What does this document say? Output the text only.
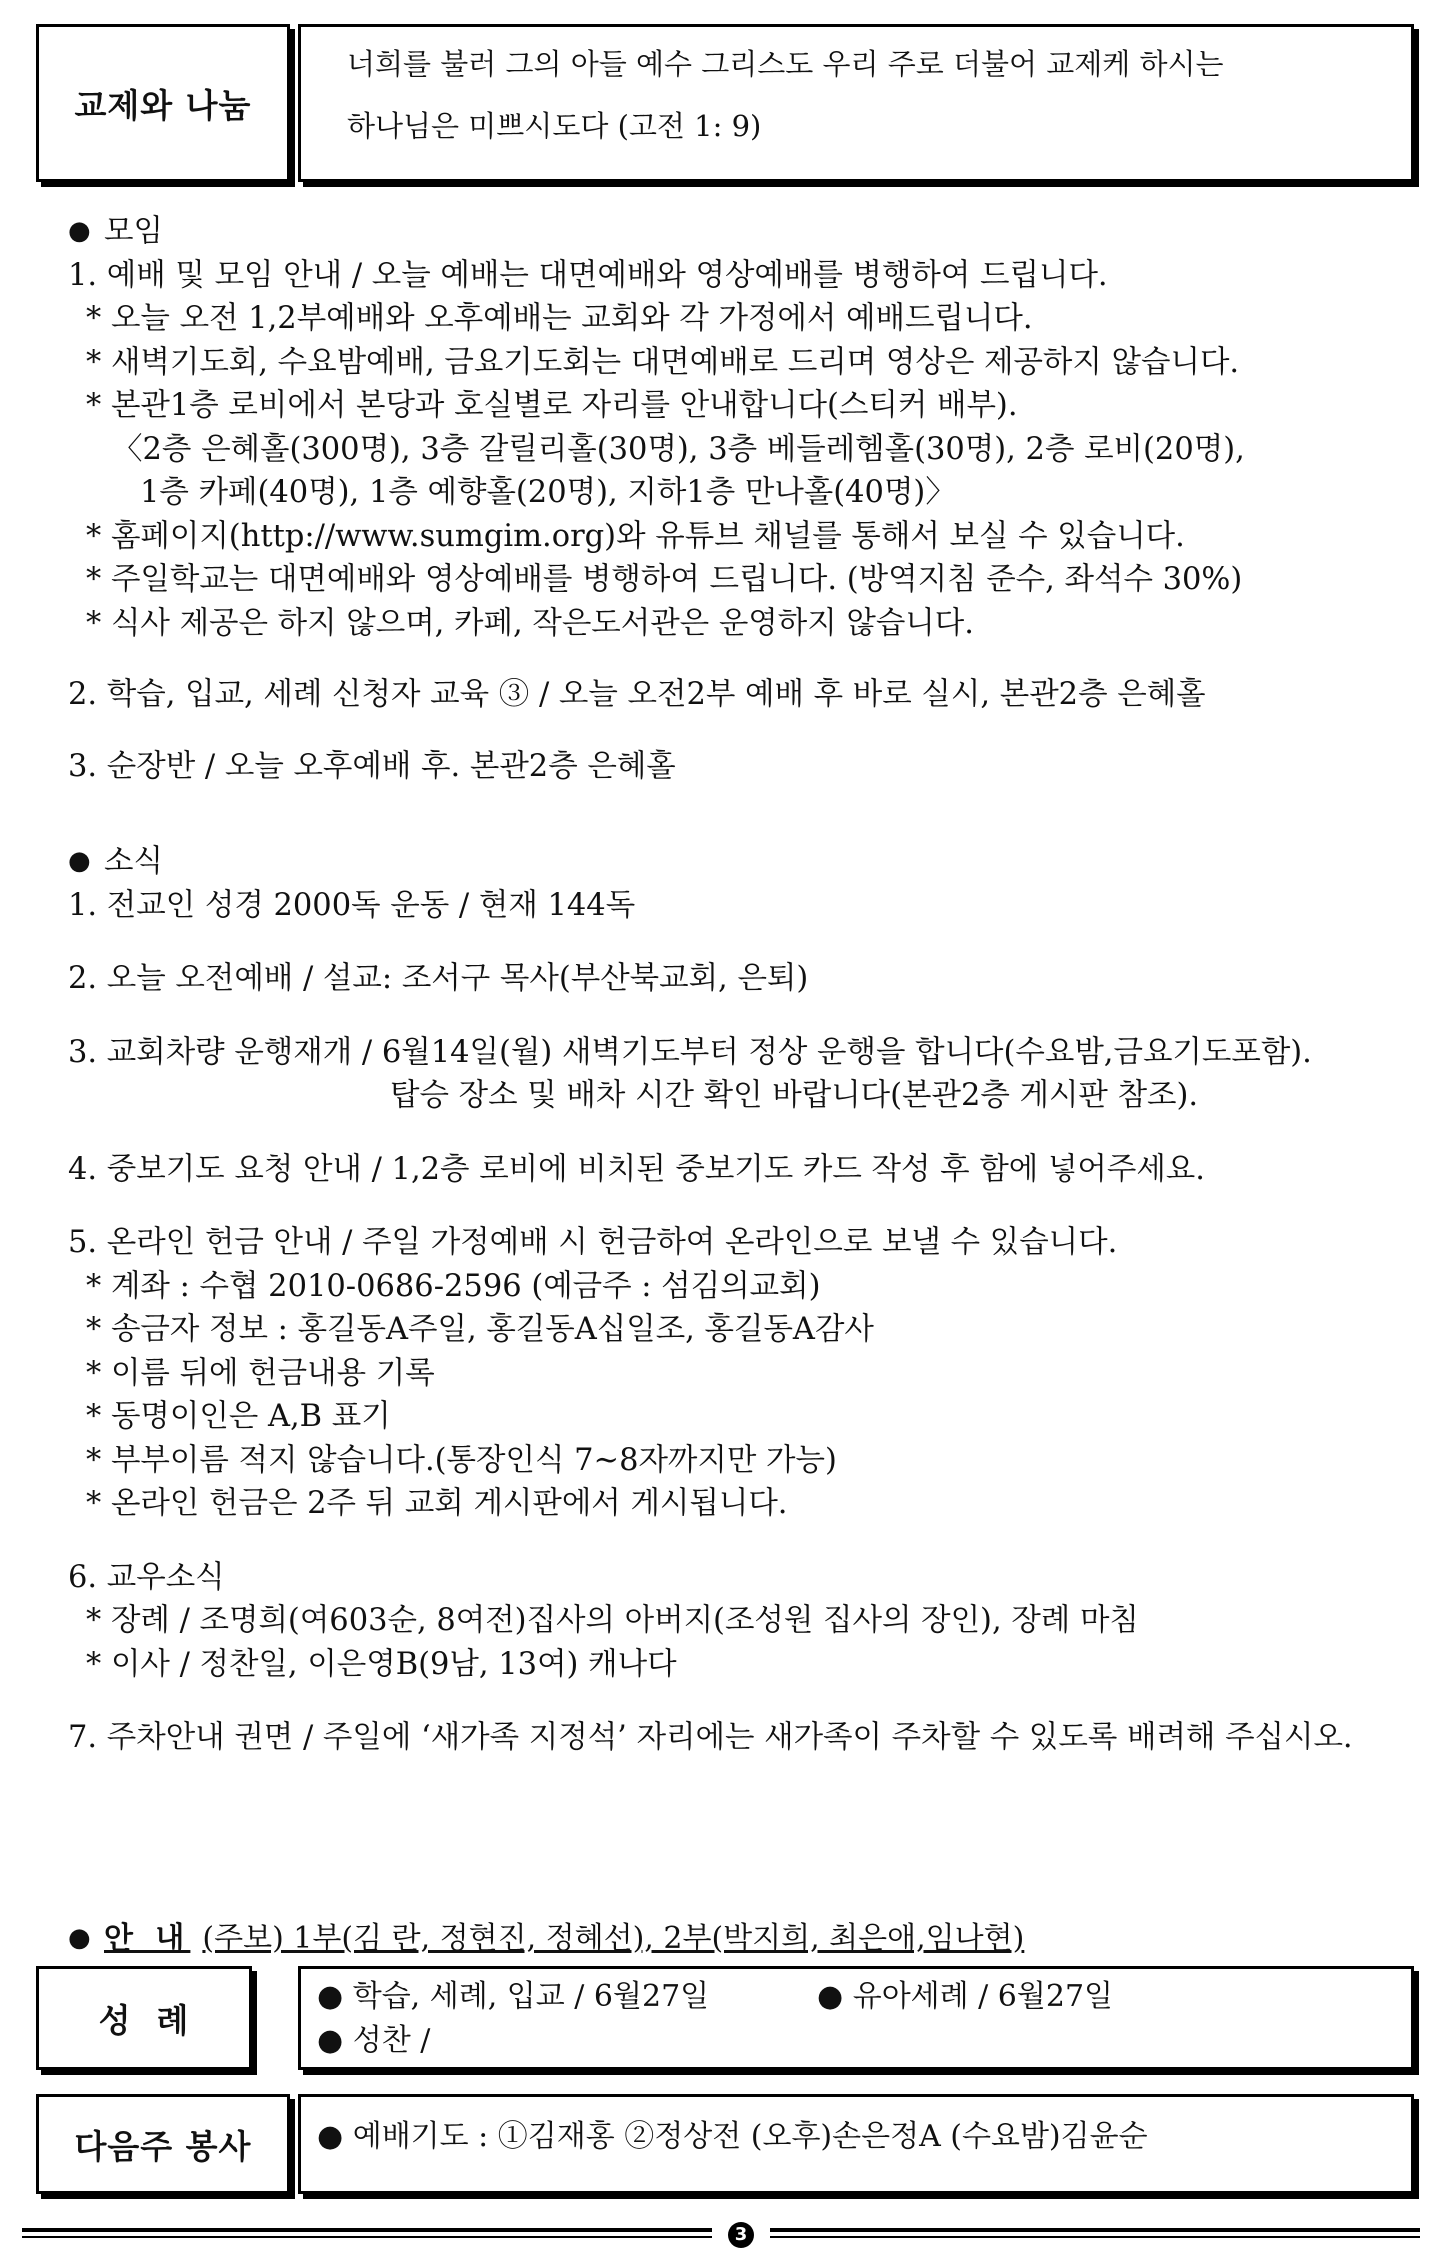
교제와 나눔
너희를 불러 그의 아들 예수 그리스도 우리 주로 더불어 교제케 하시는
하나님은 미쁘시도다 (고전 1: 9)
● 모임
1. 예배 및 모임 안내 / 오늘 예배는 대면예배와 영상예배를 병행하여 드립니다.
* 오늘 오전 1,2부예배와 오후예배는 교회와 각 가정에서 예배드립니다.
* 새벽기도회, 수요밤예배, 금요기도회는 대면예배로 드리며 영상은 제공하지 않습니다.
* 본관1층 로비에서 본당과 호실별로 자리를 안내합니다(스티커 배부).
〈2층 은혜홀(300명), 3층 갈릴리홀(30명), 3층 베들레헴홀(30명), 2층 로비(20명),
1층 카페(40명), 1층 예향홀(20명), 지하1층 만나홀(40명)〉
* 홈페이지(http://www.sumgim.org)와 유튜브 채널를 통해서 보실 수 있습니다.
* 주일학교는 대면예배와 영상예배를 병행하여 드립니다. (방역지침 준수, 좌석수 30%)
* 식사 제공은 하지 않으며, 카페, 작은도서관은 운영하지 않습니다.
2. 학습, 입교, 세례 신청자 교육 ③ / 오늘 오전2부 예배 후 바로 실시, 본관2층 은혜홀
3. 순장반 / 오늘 오후예배 후. 본관2층 은혜홀
● 소식
1. 전교인 성경 2000독 운동 / 현재 144독
2. 오늘 오전예배 / 설교: 조서구 목사(부산북교회, 은퇴)
3. 교회차량 운행재개 / 6월14일(월) 새벽기도부터 정상 운행을 합니다(수요밤,금요기도포함).
탑승 장소 및 배차 시간 확인 바랍니다(본관2층 게시판 참조).
4. 중보기도 요청 안내 / 1,2층 로비에 비치된 중보기도 카드 작성 후 함에 넣어주세요.
5. 온라인 헌금 안내 / 주일 가정예배 시 헌금하여 온라인으로 보낼 수 있습니다.
* 계좌 : 수협 2010-0686-2596 (예금주 : 섬김의교회)
* 송금자 정보 : 홍길동A주일, 홍길동A십일조, 홍길동A감사
* 이름 뒤에 헌금내용 기록
* 동명이인은 A,B 표기
* 부부이름 적지 않습니다.(통장인식 7~8자까지만 가능)
* 온라인 헌금은 2주 뒤 교회 게시판에서 게시됩니다.
6. 교우소식
* 장례 / 조명희(여603순, 8여전)집사의 아버지(조성원 집사의 장인), 장례 마침
* 이사 / 정찬일, 이은영B(9남, 13여) 캐나다
7. 주차안내 권면 / 주일에 ‘새가족 지정석’ 자리에는 새가족이 주차할 수 있도록 배려해 주십시오.
● 안 내 (주보) 1부(김 란, 정현진, 정혜선), 2부(박지희, 최은애,임나현)
성  례
● 학습, 세례, 입교 / 6월27일	● 유아세례 / 6월27일
● 성찬 /
다음주 봉사 ● 예배기도 : ①김재홍 ②정상전 (오후)손은정A (수요밤)김윤순
3
